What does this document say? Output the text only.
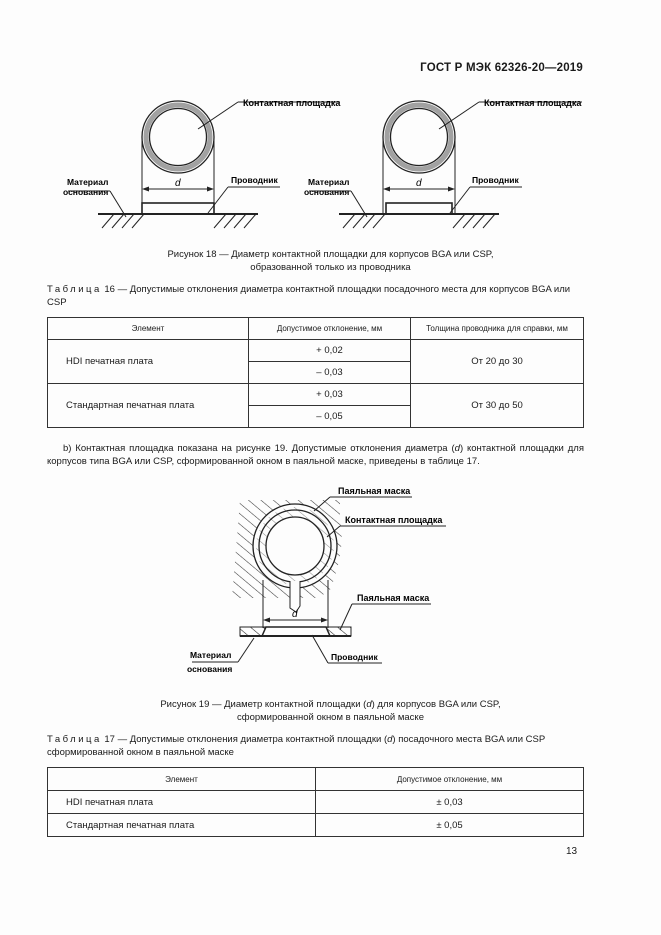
ГОСТ Р МЭК 62326-20—2019
Контактная площадка
Материал
основания
Проводник
d
Контактная площадка
Материал
основания
Проводник
d
Рисунок 18 — Диаметр контактной площадки для корпусов BGA или CSP,
образованной только из проводника
Таблица 16 — Допустимые отклонения диаметра контактной площадки посадочного места для корпусов BGA или CSP
Элемент	Допустимое отклонение, мм	Толщина проводника для справки, мм
HDI печатная плата	+ 0,02	От 20 до 30
	– 0,03	
Стандартная печатная плата	+ 0,03	От 30 до 50
	– 0,05	
b) Контактная площадка показана на рисунке 19. Допустимые отклонения диаметра (d) контактной площадки для корпусов типа BGA или CSP, сформированной окном в паяльной маске, приведены в таблице 17.
d
Паяльная маска
Контактная площадка
Паяльная маска
Материал
основания
Проводник
Рисунок 19 — Диаметр контактной площадки (d) для корпусов BGA или CSP,
сформированной окном в паяльной маске
Таблица 17 — Допустимые отклонения диаметра контактной площадки (d) посадочного места BGA или CSP сформированной окном в паяльной маске
Элемент	Допустимое отклонение, мм
HDI печатная плата	± 0,03
Стандартная печатная плата	± 0,05
13
